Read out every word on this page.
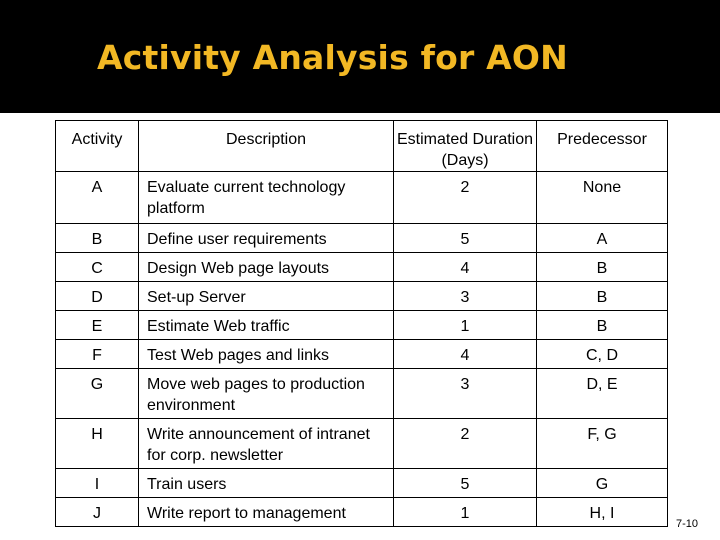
Activity Analysis for AON
Activity	Description	Estimated Duration (Days)	Predecessor
A	Evaluate current technology platform	2	None
B	Define user requirements	5	A
C	Design Web page layouts	4	B
D	Set-up Server	3	B
E	Estimate Web traffic	1	B
F	Test Web pages and links	4	C, D
G	Move web pages to production environment	3	D, E
H	Write announcement of intranet for corp. newsletter	2	F, G
I	Train users	5	G
J	Write report to management	1	H, I
7-10
